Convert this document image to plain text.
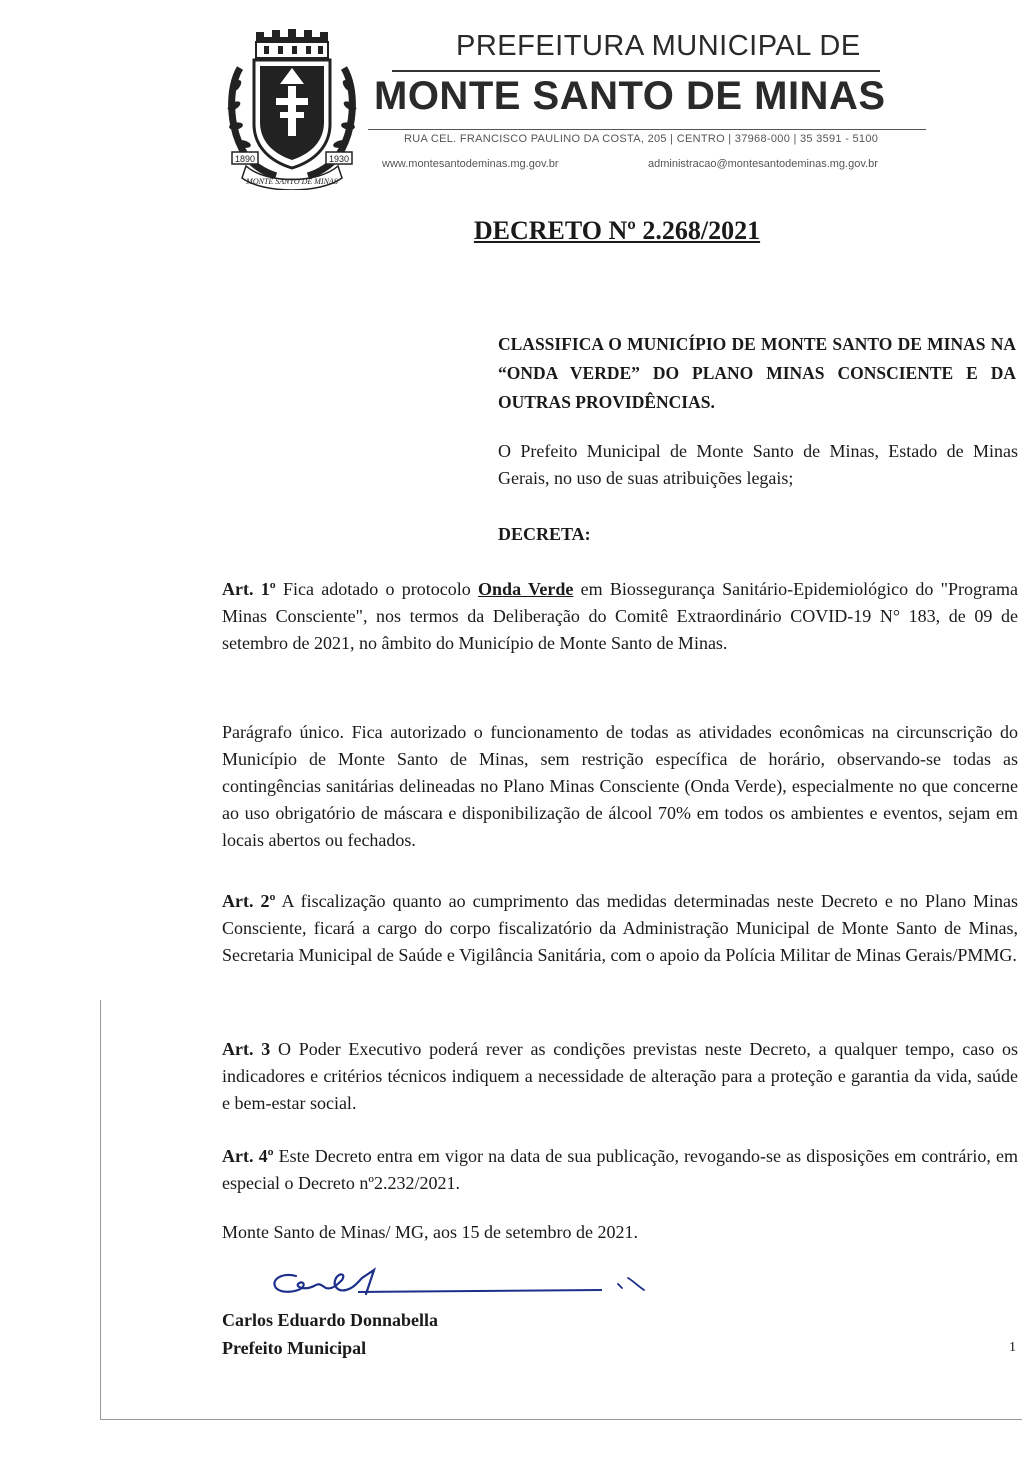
1890	1930
MONTE SANTO DE MINAS
PREFEITURA MUNICIPAL DE
MONTE SANTO DE MINAS
RUA CEL. FRANCISCO PAULINO DA COSTA, 205 | CENTRO | 37968-000 | 35 3591 - 5100
www.montesantodeminas.mg.gov.br	administracao@montesantodeminas.mg.gov.br
DECRETO Nº 2.268/2021
CLASSIFICA O MUNICÍPIO DE MONTE SANTO DE MINAS NA “ONDA VERDE” DO PLANO MINAS CONSCIENTE E DA OUTRAS PROVIDÊNCIAS.
O Prefeito Municipal de Monte Santo de Minas, Estado de Minas Gerais, no uso de suas atribuições legais;
DECRETA:
Art. 1º Fica adotado o protocolo Onda Verde em Biossegurança Sanitário-Epidemiológico do "Programa Minas Consciente", nos termos da Deliberação do Comitê Extraordinário COVID-19 N° 183, de 09 de setembro de 2021, no âmbito do Município de Monte Santo de Minas.
Parágrafo único. Fica autorizado o funcionamento de todas as atividades econômicas na circunscrição do Município de Monte Santo de Minas, sem restrição específica de horário, observando-se todas as contingências sanitárias delineadas no Plano Minas Consciente (Onda Verde), especialmente no que concerne ao uso obrigatório de máscara e disponibilização de álcool 70% em todos os ambientes e eventos, sejam em locais abertos ou fechados.
Art. 2º A fiscalização quanto ao cumprimento das medidas determinadas neste Decreto e no Plano Minas Consciente, ficará a cargo do corpo fiscalizatório da Administração Municipal de Monte Santo de Minas, Secretaria Municipal de Saúde e Vigilância Sanitária, com o apoio da Polícia Militar de Minas Gerais/PMMG.
Art. 3 O Poder Executivo poderá rever as condições previstas neste Decreto, a qualquer tempo, caso os indicadores e critérios técnicos indiquem a necessidade de alteração para a proteção e garantia da vida, saúde e bem-estar social.
Art. 4º Este Decreto entra em vigor na data de sua publicação, revogando-se as disposições em contrário, em especial o Decreto nº2.232/2021.
Monte Santo de Minas/ MG, aos 15 de setembro de 2021.
Carlos Eduardo Donnabella
Prefeito Municipal	1
